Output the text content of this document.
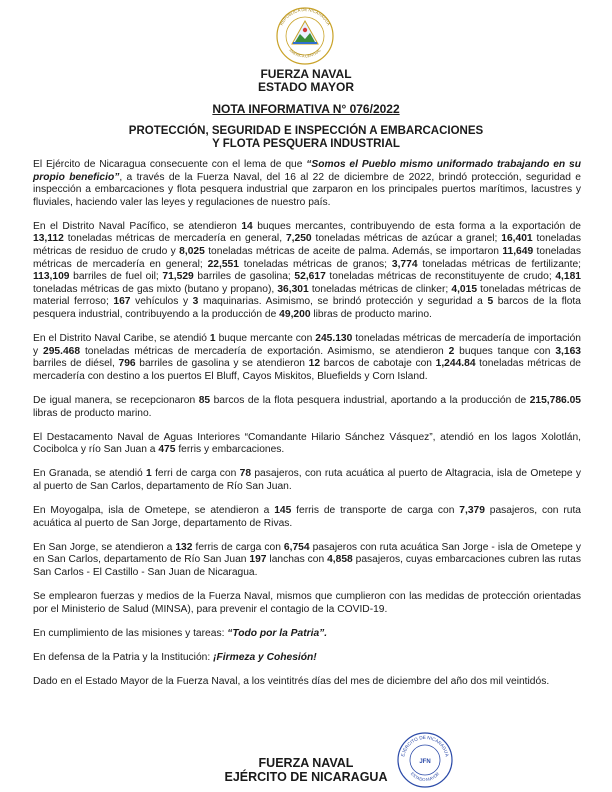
REPÚBLICA DE NICARAGUA
AMÉRICA CENTRAL
FUERZA NAVAL
ESTADO MAYOR
NOTA INFORMATIVA N° 076/2022
PROTECCIÓN, SEGURIDAD E INSPECCIÓN A EMBARCACIONES
Y FLOTA PESQUERA INDUSTRIAL

El Ejército de Nicaragua consecuente con el lema de que “Somos el Pueblo mismo uniformado trabajando en su propio beneficio”, a través de la Fuerza Naval, del 16 al 22 de diciembre de 2022, brindó protección, seguridad e inspección a embarcaciones y flota pesquera industrial que zarparon en los principales puertos marítimos, lacustres y fluviales, haciendo valer las leyes y regulaciones de nuestro país.

En el Distrito Naval Pacífico, se atendieron 14 buques mercantes, contribuyendo de esta forma a la exportación de 13,112 toneladas métricas de mercadería en general, 7,250 toneladas métricas de azúcar a granel; 16,401 toneladas métricas de residuo de crudo y 8,025 toneladas métricas de aceite de palma. Además, se importaron 11,649 toneladas métricas de mercadería en general; 22,551 toneladas métricas de granos; 3,774 toneladas métricas de fertilizante; 113,109 barriles de fuel oil; 71,529 barriles de gasolina; 52,617 toneladas métricas de reconstituyente de crudo; 4,181 toneladas métricas de gas mixto (butano y propano), 36,301 toneladas métricas de clinker; 4,015 toneladas métricas de material ferroso; 167 vehículos y 3 maquinarias. Asimismo, se brindó protección y seguridad a 5 barcos de la flota pesquera industrial, contribuyendo a la producción de 49,200 libras de producto marino.

En el Distrito Naval Caribe, se atendió 1 buque mercante con 245.130 toneladas métricas de mercadería de importación y 295.468 toneladas métricas de mercadería de exportación. Asimismo, se atendieron 2 buques tanque con 3,163 barriles de diésel, 796 barriles de gasolina y se atendieron 12 barcos de cabotaje con 1,244.84 toneladas métricas de mercadería con destino a los puertos El Bluff, Cayos Miskitos, Bluefields y Corn Island.

De igual manera, se recepcionaron 85 barcos de la flota pesquera industrial, aportando a la producción de 215,786.05 libras de producto marino.

El Destacamento Naval de Aguas Interiores “Comandante Hilario Sánchez Vásquez”, atendió en los lagos Xolotlán, Cocibolca y río San Juan a 475 ferris y embarcaciones.

En Granada, se atendió 1 ferri de carga con 78 pasajeros, con ruta acuática al puerto de Altagracia, isla de Ometepe y al puerto de San Carlos, departamento de Río San Juan.

En Moyogalpa, isla de Ometepe, se atendieron a 145 ferris de transporte de carga con 7,379 pasajeros, con ruta acuática al puerto de San Jorge, departamento de Rivas.

En San Jorge, se atendieron a 132 ferris de carga con 6,754 pasajeros con ruta acuática San Jorge - isla de Ometepe y en San Carlos, departamento de Río San Juan 197 lanchas con 4,858 pasajeros, cuyas embarcaciones cubren las rutas San Carlos - El Castillo - San Juan de Nicaragua.

Se emplearon fuerzas y medios de la Fuerza Naval, mismos que cumplieron con las medidas de protección orientadas por el Ministerio de Salud (MINSA), para prevenir el contagio de la COVID-19.

En cumplimiento de las misiones y tareas: “Todo por la Patria”.

En defensa de la Patria y la Institución: ¡Firmeza y Cohesión!

Dado en el Estado Mayor de la Fuerza Naval, a los veintitrés días del mes de diciembre del año dos mil veintidós.

FUERZA NAVAL
EJÉRCITO DE NICARAGUA
EJÉRCITO DE NICARAGUA
JFN
ESTADO MAYOR
